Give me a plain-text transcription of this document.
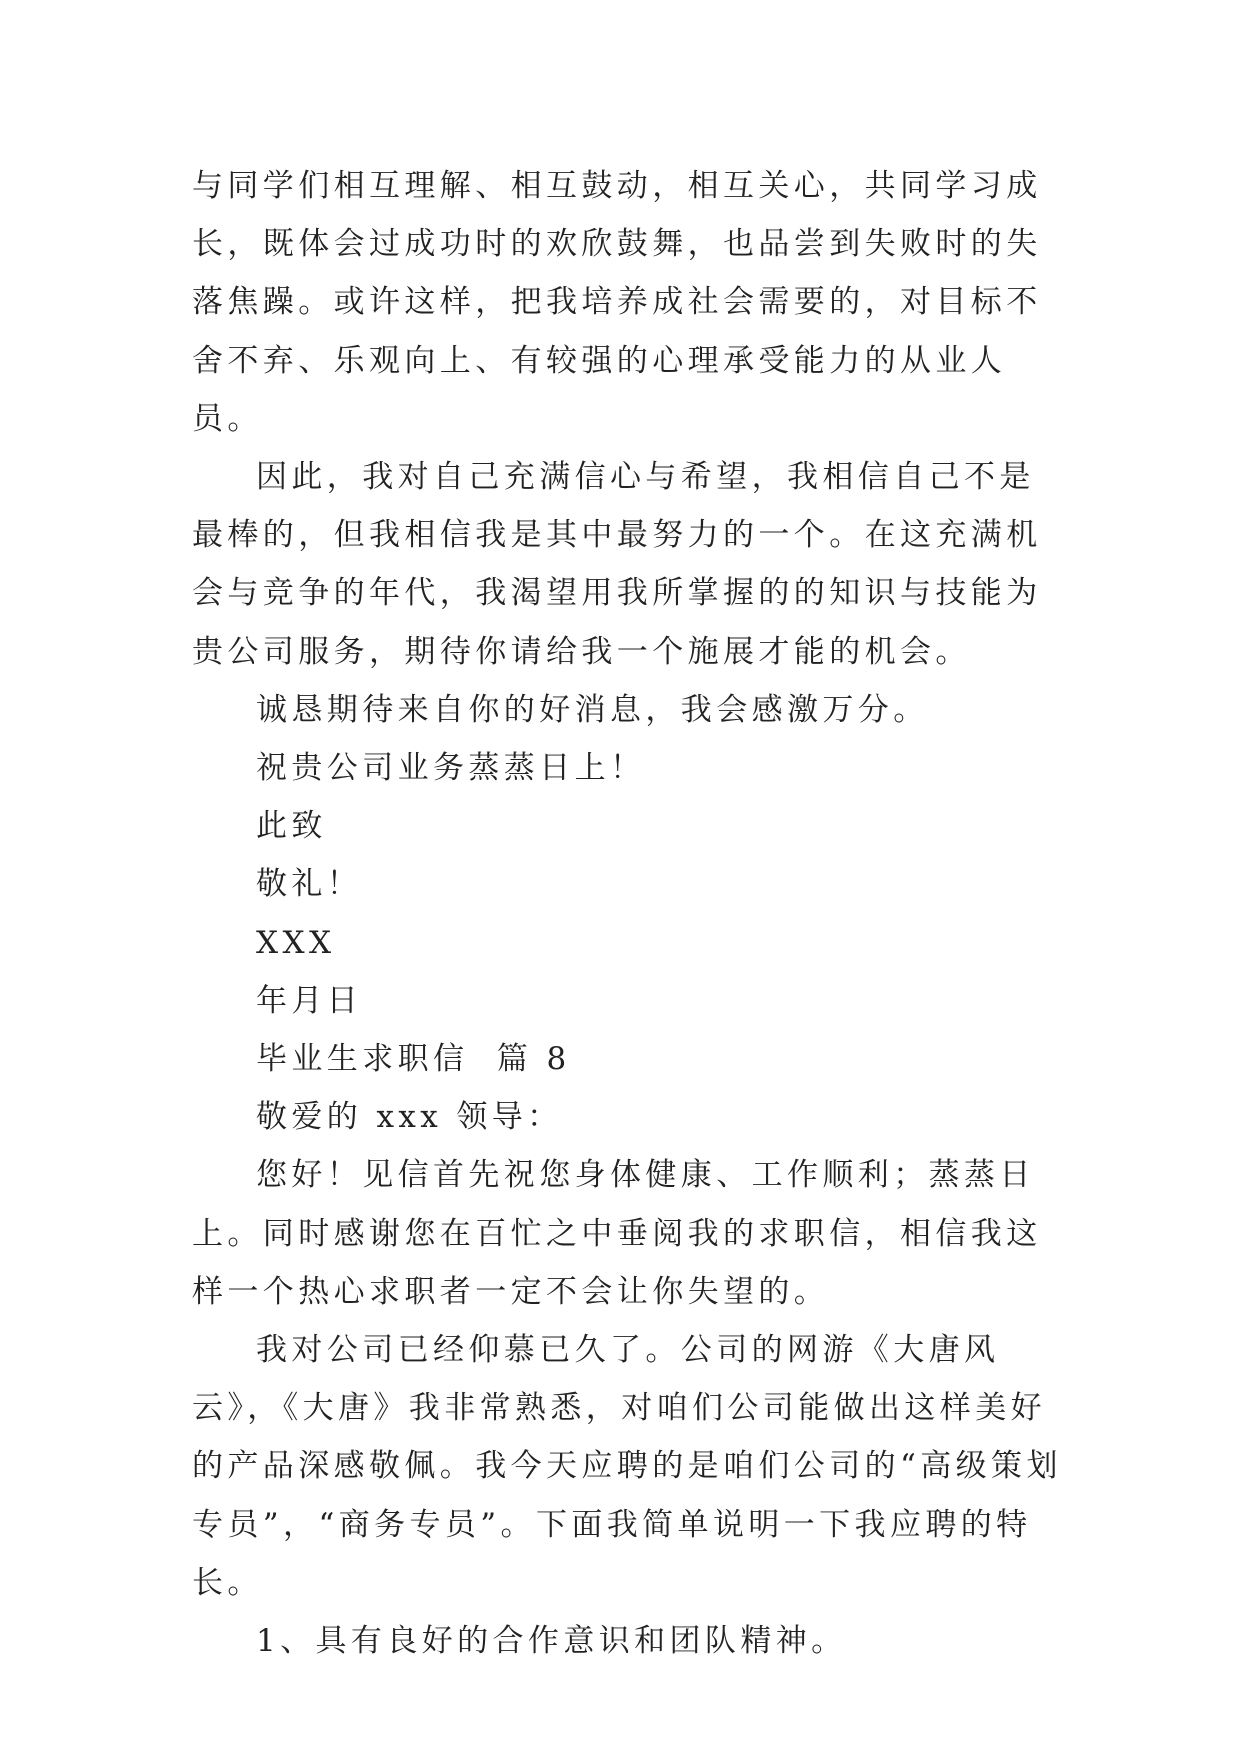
与同学们相互理解、相互鼓动，相互关心，共同学习成长，既体会过成功时的欢欣鼓舞，也品尝到失败时的失落焦躁。或许这样，把我培养成社会需要的，对目标不舍不弃、乐观向上、有较强的心理承受能力的从业人员。

因此，我对自己充满信心与希望，我相信自己不是最棒的，但我相信我是其中最努力的一个。在这充满机会与竞争的年代，我渴望用我所掌握的的知识与技能为贵公司服务，期待你请给我一个施展才能的机会。

诚恳期待来自你的好消息，我会感激万分。

祝贵公司业务蒸蒸日上！

此致

敬礼！

XXX

年月日

毕业生求职信  篇 8

敬爱的 xxx 领导：

您好！见信首先祝您身体健康、工作顺利；蒸蒸日上。同时感谢您在百忙之中垂阅我的求职信，相信我这样一个热心求职者一定不会让你失望的。

我对公司已经仰慕已久了。公司的网游《大唐风云》，《大唐》我非常熟悉，对咱们公司能做出这样美好的产品深感敬佩。我今天应聘的是咱们公司的“高级策划专员”，“商务专员”。下面我简单说明一下我应聘的特长。

1、具有良好的合作意识和团队精神。
